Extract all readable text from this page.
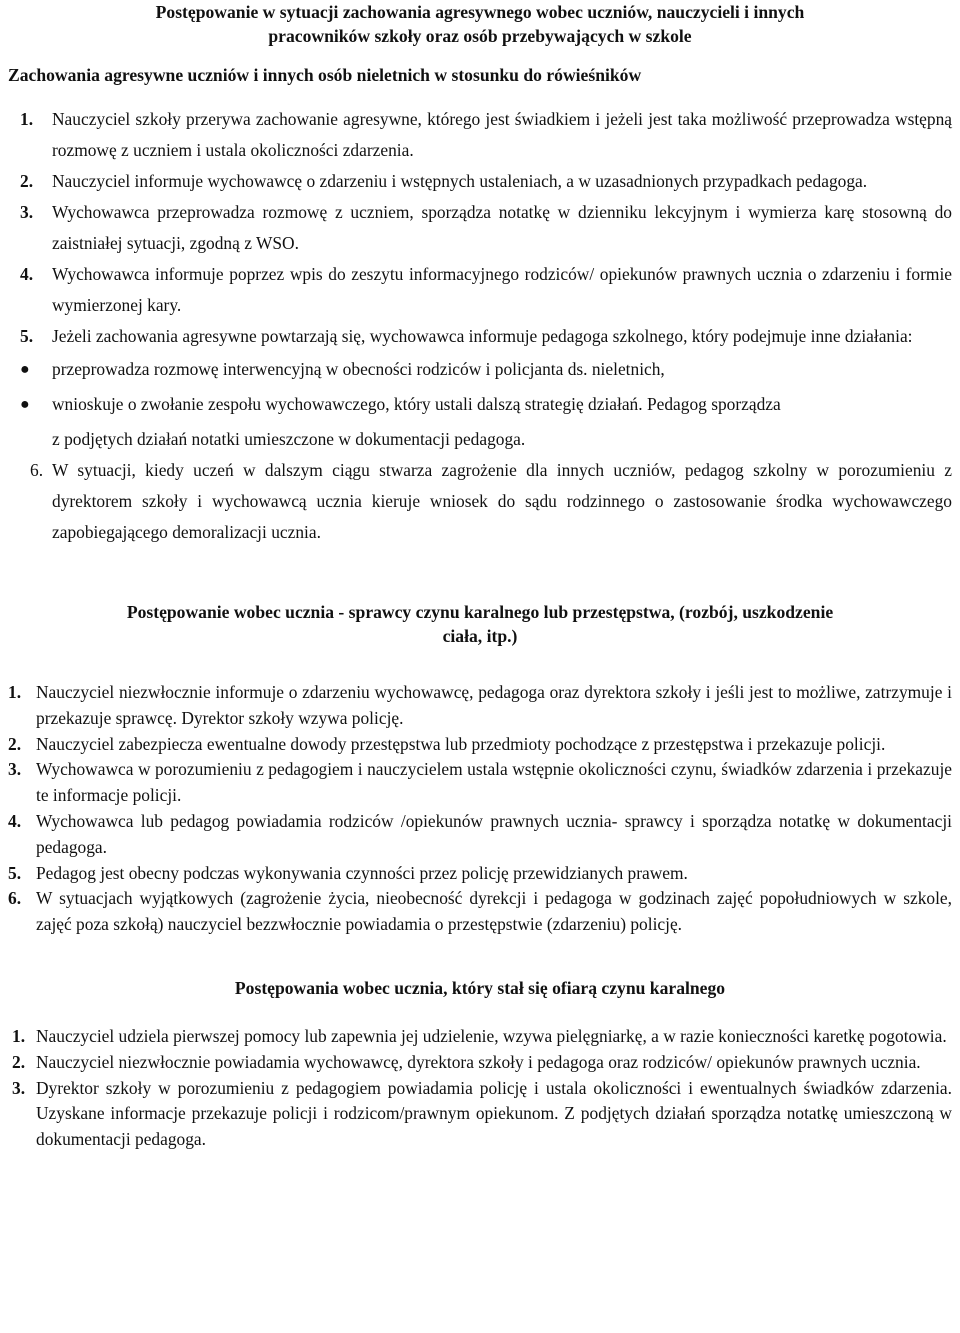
Postępowanie w sytuacji zachowania agresywnego wobec uczniów, nauczycieli i innych
pracowników szkoły oraz osób przebywających w szkole
Zachowania agresywne uczniów i innych osób nieletnich w stosunku do rówieśników
1. Nauczyciel szkoły przerywa zachowanie agresywne, którego jest świadkiem i jeżeli jest taka możliwość przeprowadza wstępną rozmowę z uczniem i ustala okoliczności zdarzenia.
2. Nauczyciel informuje wychowawcę o zdarzeniu i wstępnych ustaleniach, a w uzasadnionych przypadkach pedagoga.
3. Wychowawca przeprowadza rozmowę z uczniem, sporządza notatkę w dzienniku lekcyjnym i wymierza karę stosowną do zaistniałej sytuacji, zgodną z WSO.
4. Wychowawca informuje poprzez wpis do zeszytu informacyjnego rodziców/ opiekunów prawnych ucznia o zdarzeniu i formie wymierzonej kary.
5. Jeżeli zachowania agresywne powtarzają się, wychowawca informuje pedagoga szkolnego, który podejmuje inne działania:
● przeprowadza rozmowę interwencyjną w obecności rodziców i policjanta ds. nieletnich,
● wnioskuje o zwołanie zespołu wychowawczego, który ustali dalszą strategię działań. Pedagog sporządza
z podjętych działań notatki umieszczone w dokumentacji pedagoga.
6. W sytuacji, kiedy uczeń w dalszym ciągu stwarza zagrożenie dla innych uczniów, pedagog szkolny w porozumieniu z dyrektorem szkoły i wychowawcą ucznia kieruje wniosek do sądu rodzinnego o zastosowanie środka wychowawczego zapobiegającego demoralizacji ucznia.
Postępowanie wobec ucznia - sprawcy czynu karalnego lub przestępstwa, (rozbój, uszkodzenie
ciała, itp.)
1. Nauczyciel niezwłocznie informuje o zdarzeniu wychowawcę, pedagoga oraz dyrektora szkoły i jeśli jest to możliwe, zatrzymuje i przekazuje sprawcę. Dyrektor szkoły wzywa policję.
2. Nauczyciel zabezpiecza ewentualne dowody przestępstwa lub przedmioty pochodzące z przestępstwa i przekazuje policji.
3. Wychowawca w porozumieniu z pedagogiem i nauczycielem ustala wstępnie okoliczności czynu, świadków zdarzenia i przekazuje te informacje policji.
4. Wychowawca lub pedagog powiadamia rodziców /opiekunów prawnych ucznia- sprawcy i sporządza notatkę w dokumentacji pedagoga.
5. Pedagog jest obecny podczas wykonywania czynności przez policję przewidzianych prawem.
6. W sytuacjach wyjątkowych (zagrożenie życia, nieobecność dyrekcji i pedagoga w godzinach zajęć popołudniowych w szkole, zajęć poza szkołą) nauczyciel bezzwłocznie powiadamia o przestępstwie (zdarzeniu) policję.
Postępowania wobec ucznia, który stał się ofiarą czynu karalnego
1. Nauczyciel udziela pierwszej pomocy lub zapewnia jej udzielenie, wzywa pielęgniarkę, a w razie konieczności karetkę pogotowia.
2. Nauczyciel niezwłocznie powiadamia wychowawcę, dyrektora szkoły i pedagoga oraz rodziców/ opiekunów prawnych ucznia.
3. Dyrektor szkoły w porozumieniu z pedagogiem powiadamia policję i ustala okoliczności i ewentualnych świadków zdarzenia. Uzyskane informacje przekazuje policji i rodzicom/prawnym opiekunom. Z podjętych działań sporządza notatkę umieszczoną w dokumentacji pedagoga.
